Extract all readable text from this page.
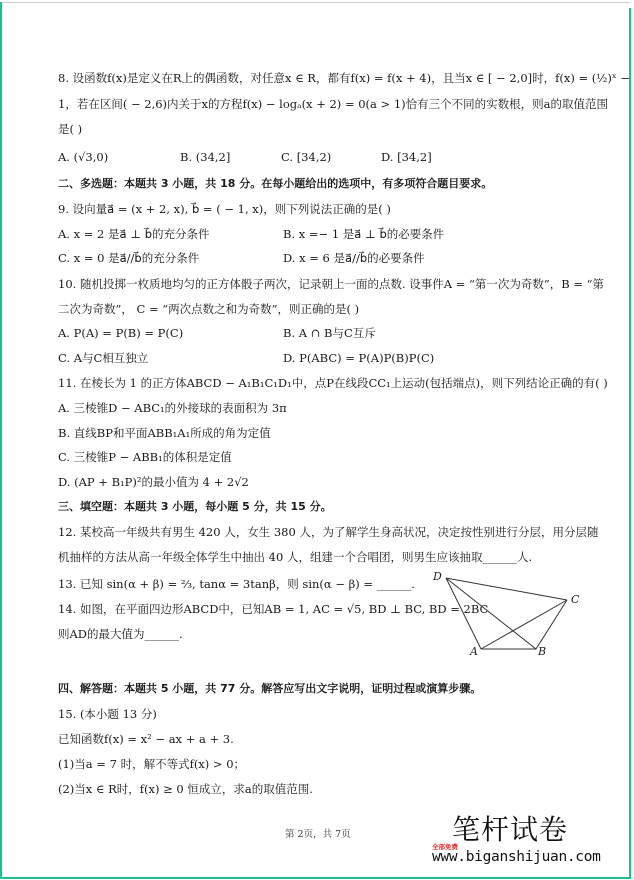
8. 设函数f(x)是定义在R上的偶函数，对任意x ∈ R，都有f(x) = f(x + 4)，且当x ∈ [ − 2,0]时，f(x) = (½)ˣ −
1，若在区间( − 2,6)内关于x的方程f(x) − logₐ(x + 2) = 0(a > 1)恰有三个不同的实数根，则a的取值范围
是( )
A. (√3,0)	B. (34,2]	C. [34,2)	D. [34,2]
二、多选题：本题共 3 小题，共 18 分。在每小题给出的选项中，有多项符合题目要求。
9. 设向量a⃗ = (x + 2, x), b⃗ = ( − 1, x)，则下列说法正确的是( )
A. x = 2 是a⃗ ⊥ b⃗的充分条件	B. x =− 1 是a⃗ ⊥ b⃗的必要条件
C. x = 0 是a⃗//b⃗的充分条件	D. x = 6 是a⃗//b⃗的必要条件
10. 随机投掷一枚质地均匀的正方体骰子两次，记录朝上一面的点数. 设事件A = “第一次为奇数”，B = “第
二次为奇数”， C = “两次点数之和为奇数”，则正确的是( )
A. P(A) = P(B) = P(C)	B. A ∩ B与C互斥
C. A与C相互独立	D. P(ABC) = P(A)P(B)P(C)
11. 在棱长为 1 的正方体ABCD − A₁B₁C₁D₁中，点P在线段CC₁上运动(包括端点)，则下列结论正确的有( )
A. 三棱锥D − ABC₁的外接球的表面积为 3π
B. 直线BP和平面ABB₁A₁所成的角为定值
C. 三棱锥P − ABB₁的体积是定值
D. (AP + B₁P)²的最小值为 4 + 2√2
三、填空题：本题共 3 小题，每小题 5 分，共 15 分。
12. 某校高一年级共有男生 420 人，女生 380 人，为了解学生身高状况，决定按性别进行分层，用分层随
机抽样的方法从高一年级全体学生中抽出 40 人，组建一个合唱团，则男生应该抽取______人.
13. 已知 sin(α + β) = ⅔, tanα = 3tanβ，则 sin(α − β) = ______.
14. 如图，在平面四边形ABCD中，已知AB = 1, AC = √5, BD ⊥ BC, BD = 2BC
则AD的最大值为______.
D
C
A	B
四、解答题：本题共 5 小题，共 77 分。解答应写出文字说明，证明过程或演算步骤。
15. (本小题 13 分)
已知函数f(x) = x² − ax + a + 3.
(1)当a = 7 时，解不等式f(x) > 0；
(2)当x ∈ R时，f(x) ≥ 0 恒成立，求a的取值范围.
第 2页，共 7页	笔杆试卷
全部免费
www.biganshijuan.com
